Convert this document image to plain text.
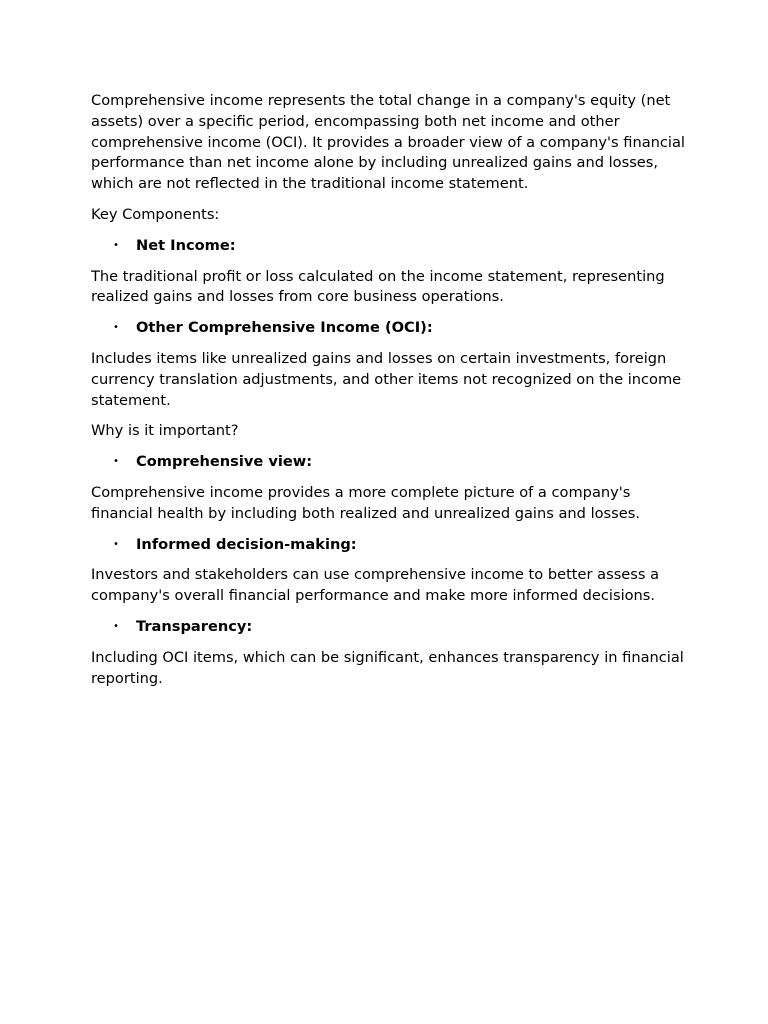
Comprehensive income represents the total change in a company's equity (net assets) over a specific period, encompassing both net income and other comprehensive income (OCI). It provides a broader view of a company's financial performance than net income alone by including unrealized gains and losses, which are not reflected in the traditional income statement.

Key Components:

• Net Income:

The traditional profit or loss calculated on the income statement, representing realized gains and losses from core business operations.

• Other Comprehensive Income (OCI):

Includes items like unrealized gains and losses on certain investments, foreign currency translation adjustments, and other items not recognized on the income statement.

Why is it important?

• Comprehensive view:

Comprehensive income provides a more complete picture of a company's financial health by including both realized and unrealized gains and losses.

• Informed decision-making:

Investors and stakeholders can use comprehensive income to better assess a company's overall financial performance and make more informed decisions.

• Transparency:

Including OCI items, which can be significant, enhances transparency in financial reporting.
